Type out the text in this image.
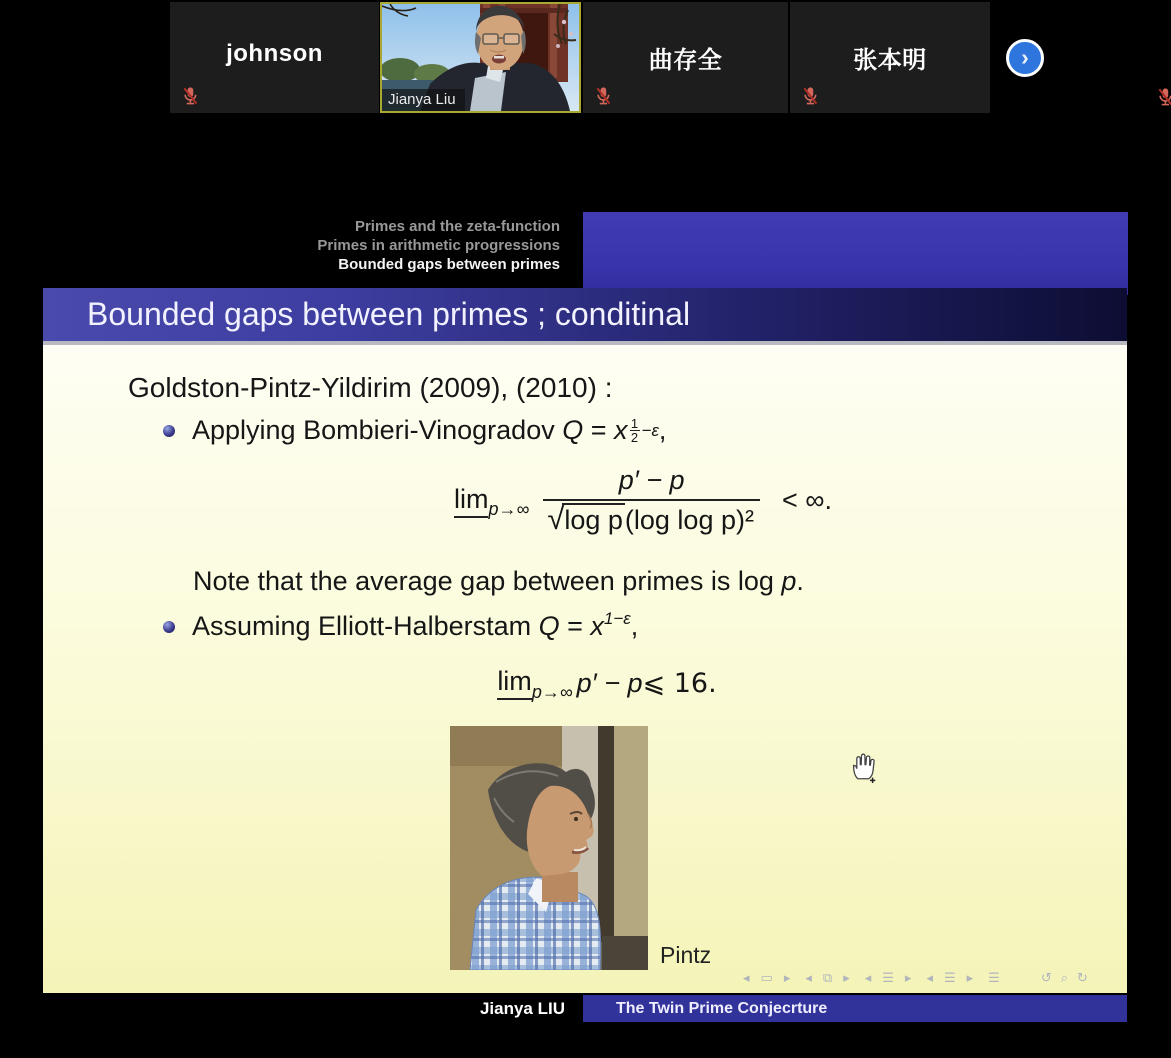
johnson
Jianya Liu
曲存全	张本明	›
Primes and the zeta-function
Primes in arithmetic progressions
Bounded gaps between primes
Bounded gaps between primes ; conditinal
Goldston-Pintz-Yildirim (2009), (2010) :
Applying Bombieri-Vinogradov Q = x $\frac{1}{2} -\varepsilon$ ,
$\lim p\to\infty \frac{p' - p}{\text{√ log p (log log p)²}}$ < ∞.
Note that the average gap between primes is log p.
Assuming Elliott-Halberstam $Q = x^{1-\varepsilon}$,
lim p→∞ p′ − p ⩽ 16.
Pintz
◂ ▭ ▸ ◂ ⧉ ▸ ◂ ☰ ▸ ◂ ☰ ▸ ☰	↺ ⌕ ↻
Jianya LIU	The Twin Prime Conjecrture
